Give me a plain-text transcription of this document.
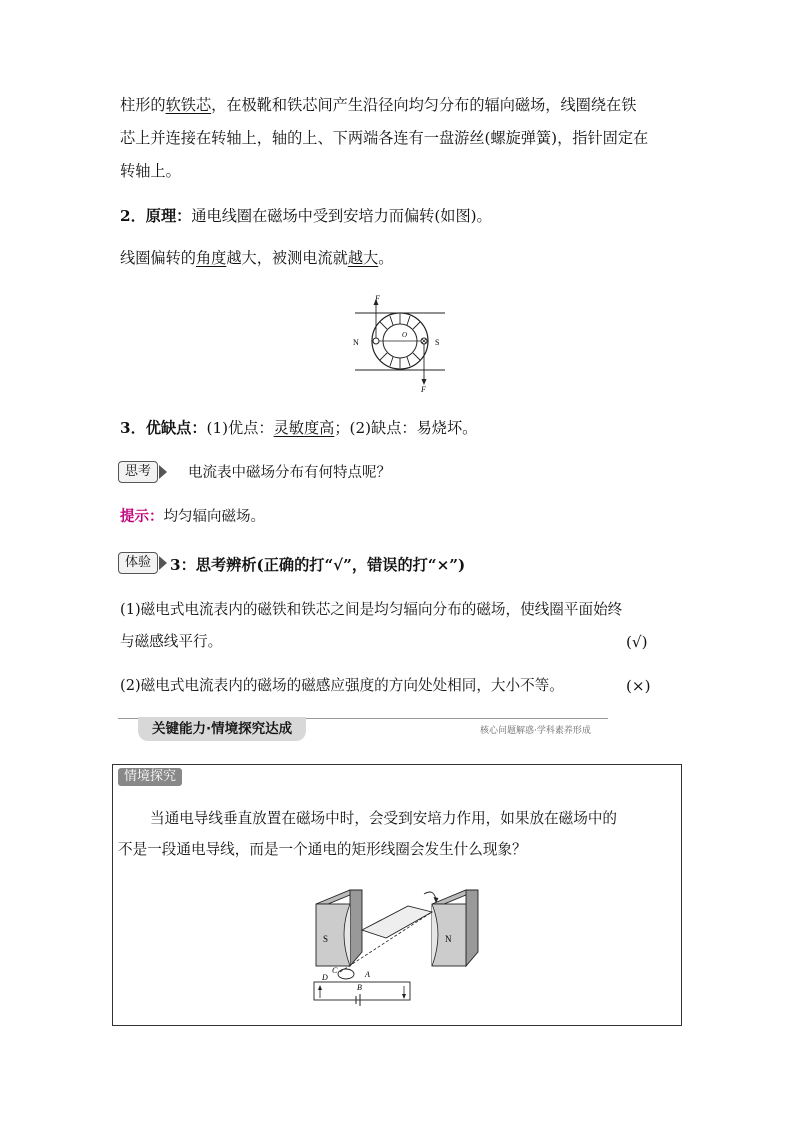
柱形的软铁芯，在极靴和铁芯间产生沿径向均匀分布的辐向磁场，线圈绕在铁
芯上并连接在转轴上，轴的上、下两端各连有一盘游丝(螺旋弹簧)，指针固定在
转轴上。
2．原理：通电线圈在磁场中受到安培力而偏转(如图)。
线圈偏转的角度越大，被测电流就越大。
F
F
O
N	S
3．优缺点：(1)优点：灵敏度高；(2)缺点：易烧坏。
思考	电流表中磁场分布有何特点呢？
提示：均匀辐向磁场。
体验	3：思考辨析(正确的打“√”，错误的打“×”)
(1)磁电式电流表内的磁铁和铁芯之间是均匀辐向分布的磁场，使线圈平面始终
与磁感线平行。	(√)
(2)磁电式电流表内的磁场的磁感应强度的方向处处相同，大小不等。	(×)
关键能力·情境探究达成	核心问题解惑·学科素养形成
情境探究
当通电导线垂直放置在磁场中时，会受到安培力作用，如果放在磁场中的
不是一段通电导线，而是一个通电的矩形线圈会发生什么现象？
S	N
D
C	A
B
